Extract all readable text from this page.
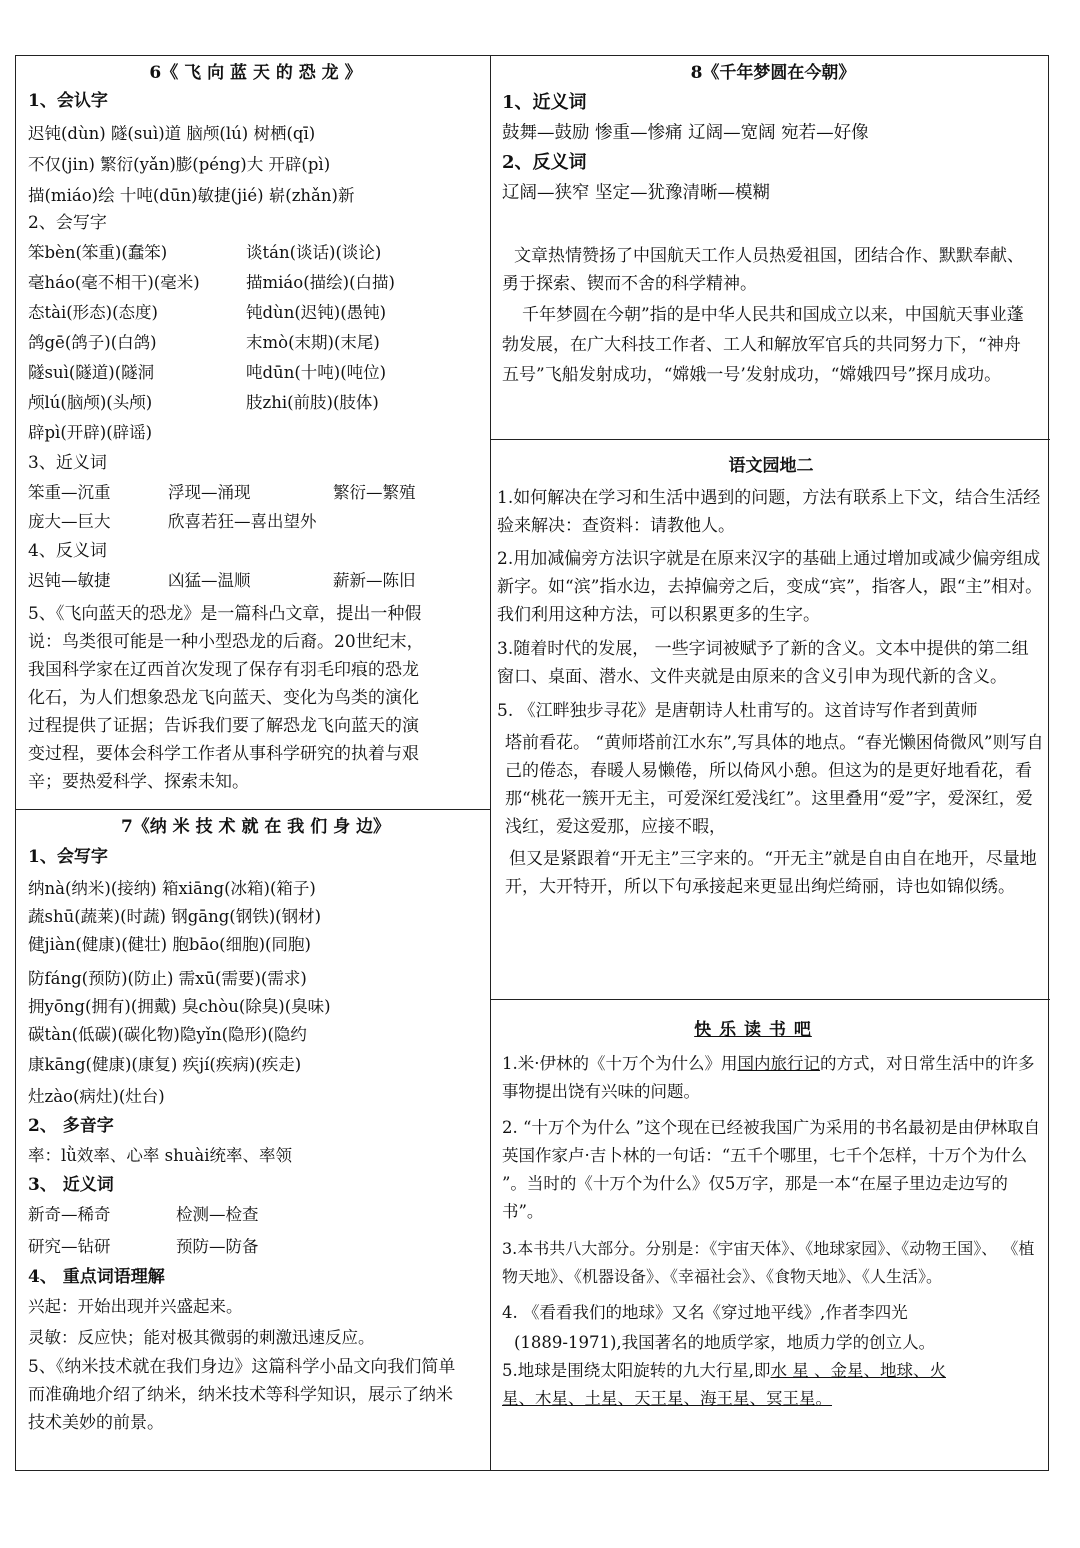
6《 飞 向 蓝 天 的 恐 龙 》
1、会认字
迟钝(dùn) 隧(suì)道 脑颅(lú) 树栖(qī)
不仅(jin) 繁衍(yǎn)膨(péng)大 开辟(pì)
描(miáo)绘 十吨(dūn)敏捷(jié) 崭(zhǎn)新
2、会写字
笨bèn(笨重)(蠢笨)	谈tán(谈话)(谈论)
毫háo(毫不相干)(毫米)	描miáo(描绘)(白描)
态tài(形态)(态度)	钝dùn(迟钝)(愚钝)
鸽gē(鸽子)(白鸽)	末mò(末期)(末尾)
隧suì(隧道)(隧洞	吨dūn(十吨)(吨位)
颅lú(脑颅)(头颅)	肢zhi(前肢)(肢体)
辟pì(开辟)(辟谣)
3、近义词
笨重—沉重	浮现—涌现	繁衍—繁殖
庞大—巨大	欣喜若狂—喜出望外
4、反义词
迟钝—敏捷	凶猛—温顺	薪新—陈旧
5、《飞向蓝天的恐龙》是一篇科凸文章，提出一种假说：鸟类很可能是一种小型恐龙的后裔。20世纪末，我国科学家在辽西首次发现了保存有羽毛印痕的恐龙化石，为人们想象恐龙飞向蓝天、变化为鸟类的演化过程提供了证据；告诉我们要了解恐龙飞向蓝天的演变过程，要体会科学工作者从事科学研究的执着与艰辛；要热爱科学、探索未知。
7《纳 米 技 术 就 在 我 们 身 边》
1、会写字
纳nà(纳米)(接纳) 箱xiāng(冰箱)(箱子)
蔬shū(蔬莱)(时蔬) 钢gāng(钢铁)(钢材)
健jiàn(健康)(健壮) 胞bāo(细胞)(同胞)
防fáng(预防)(防止) 需xū(需要)(需求)
拥yōng(拥有)(拥戴) 臭chòu(除臭)(臭味)
碳tàn(低碳)(碳化物)隐yǐn(隐形)(隐约
康kāng(健康)(康复) 疾jí(疾病)(疾走)
灶zào(病灶)(灶台)
2、 多音字
率：lǜ效率、心率 shuài统率、率领
3、 近义词
新奇—稀奇	检测—检查
研究—钻研	预防—防备
4、 重点词语理解
兴起：开始出现并兴盛起来。
灵敏：反应快；能对极其微弱的刺激迅速反应。
5、《纳米技术就在我们身边》这篇科学小品文向我们简单而准确地介绍了纳米，纳米技术等科学知识，展示了纳米技术美妙的前景。
8《千年梦圆在今朝》
1、近义词
鼓舞—鼓励 惨重—惨痛 辽阔—宽阔 宛若—好像
2、反义词
辽阔—狭窄 坚定—犹豫清晰—模糊
文章热情赞扬了中国航天工作人员热爱祖国，团结合作、默默奉献、勇于探索、锲而不舍的科学精神。
千年梦圆在今朝”指的是中华人民共和国成立以来，中国航天事业蓬勃发展，在广大科技工作者、工人和解放军官兵的共同努力下，“神舟五号”飞船发射成功，“嫦娥一号’发射成功，“嫦娥四号”探月成功。
语文园地二
1.如何解决在学习和生活中遇到的问题，方法有联系上下文，结合生活经验来解决：查资料：请教他人。
2.用加减偏旁方法识字就是在原来汉字的基础上通过增加或减少偏旁组成新字。如“滨”指水边，去掉偏旁之后，变成“宾”，指客人，跟“主”相对。我们利用这种方法，可以积累更多的生字。
3.随着时代的发展， 一些字词被赋予了新的含义。文本中提供的第二组窗口、桌面、潜水、文件夹就是由原来的含义引申为现代新的含义。
5. 《江畔独步寻花》是唐朝诗人杜甫写的。这首诗写作者到黄师
塔前看花。 “黄师塔前江水东”,写具体的地点。“春光懒困倚微风”则写自己的倦态，春暖人易懒倦，所以倚风小憩。但这为的是更好地看花，看那“桃花一簇开无主，可爱深红爱浅红”。这里叠用“爱”字，爱深红，爱浅红，爱这爱那，应接不暇，
但又是紧跟着“开无主”三字来的。“开无主”就是自由自在地开，尽量地开，大开特开，所以下句承接起来更显出绚烂绮丽，诗也如锦似绣。
快 乐 读 书 吧
1.米·伊林的《十万个为什么》用国内旅行记的方式，对日常生活中的许多事物提出饶有兴味的问题。
2. “十万个为什么 ”这个现在已经被我国广为采用的书名最初是由伊林取自英国作家卢·吉卜林的一句话：“五千个哪里，七千个怎样，十万个为什么 ”。当时的《十万个为什么》仅5万字，那是一本“在屋子里边走边写的书”。
3.本书共八大部分。分别是：《宇宙天体》、《地球家园》、《动物王国》、 《植物天地》、《机器设备》、《幸福社会》、《食物天地》、《人生活》。
4. 《看看我们的地球》又名《穿过地平线》,作者李四光
(1889-1971),我国著名的地质学家，地质力学的创立人。
5.地球是围绕太阳旋转的九大行星,即水 星 、金星、地球、火
星、木星、土星、天王星、海王星、冥王星。
